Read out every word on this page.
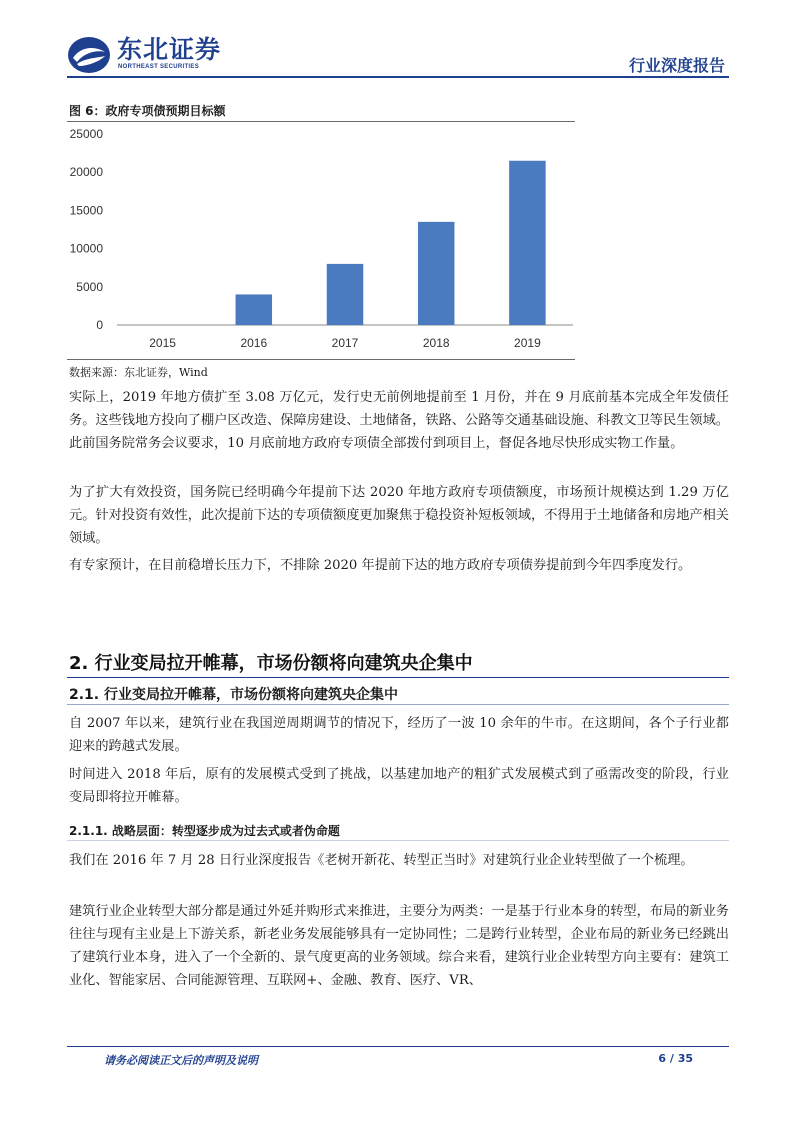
东北证券
NORTHEAST SECURITIES	行业深度报告
图 6：政府专项债预期目标额
0
5000
10000
15000
20000
25000
2015	2016	2017	2018	2019
数据来源：东北证券，Wind

实际上，2019 年地方债扩至 3.08 万亿元，发行史无前例地提前至 1 月份，并在 9 月底前基本完成全年发债任务。这些钱地方投向了棚户区改造、保障房建设、土地储备，铁路、公路等交通基础设施、科教文卫等民生领域。此前国务院常务会议要求，10 月底前地方政府专项债全部拨付到项目上，督促各地尽快形成实物工作量。

为了扩大有效投资，国务院已经明确今年提前下达 2020 年地方政府专项债额度，市场预计规模达到 1.29 万亿元。针对投资有效性，此次提前下达的专项债额度更加聚焦于稳投资补短板领域，不得用于土地储备和房地产相关领域。

有专家预计，在目前稳增长压力下，不排除 2020 年提前下达的地方政府专项债券提前到今年四季度发行。

2. 行业变局拉开帷幕，市场份额将向建筑央企集中
2.1. 行业变局拉开帷幕，市场份额将向建筑央企集中

自 2007 年以来，建筑行业在我国逆周期调节的情况下，经历了一波 10 余年的牛市。在这期间，各个子行业都迎来的跨越式发展。

时间进入 2018 年后，原有的发展模式受到了挑战，以基建加地产的粗犷式发展模式到了亟需改变的阶段，行业变局即将拉开帷幕。

2.1.1. 战略层面：转型逐步成为过去式或者伪命题

我们在 2016 年 7 月 28 日行业深度报告《老树开新花、转型正当时》对建筑行业企业转型做了一个梳理。

建筑行业企业转型大部分都是通过外延并购形式来推进，主要分为两类：一是基于行业本身的转型，布局的新业务往往与现有主业是上下游关系，新老业务发展能够具有一定协同性；二是跨行业转型，企业布局的新业务已经跳出了建筑行业本身，进入了一个全新的、景气度更高的业务领域。综合来看，建筑行业企业转型方向主要有：建筑工业化、智能家居、合同能源管理、互联网+、金融、教育、医疗、VR、

请务必阅读正文后的声明及说明	6 / 35
